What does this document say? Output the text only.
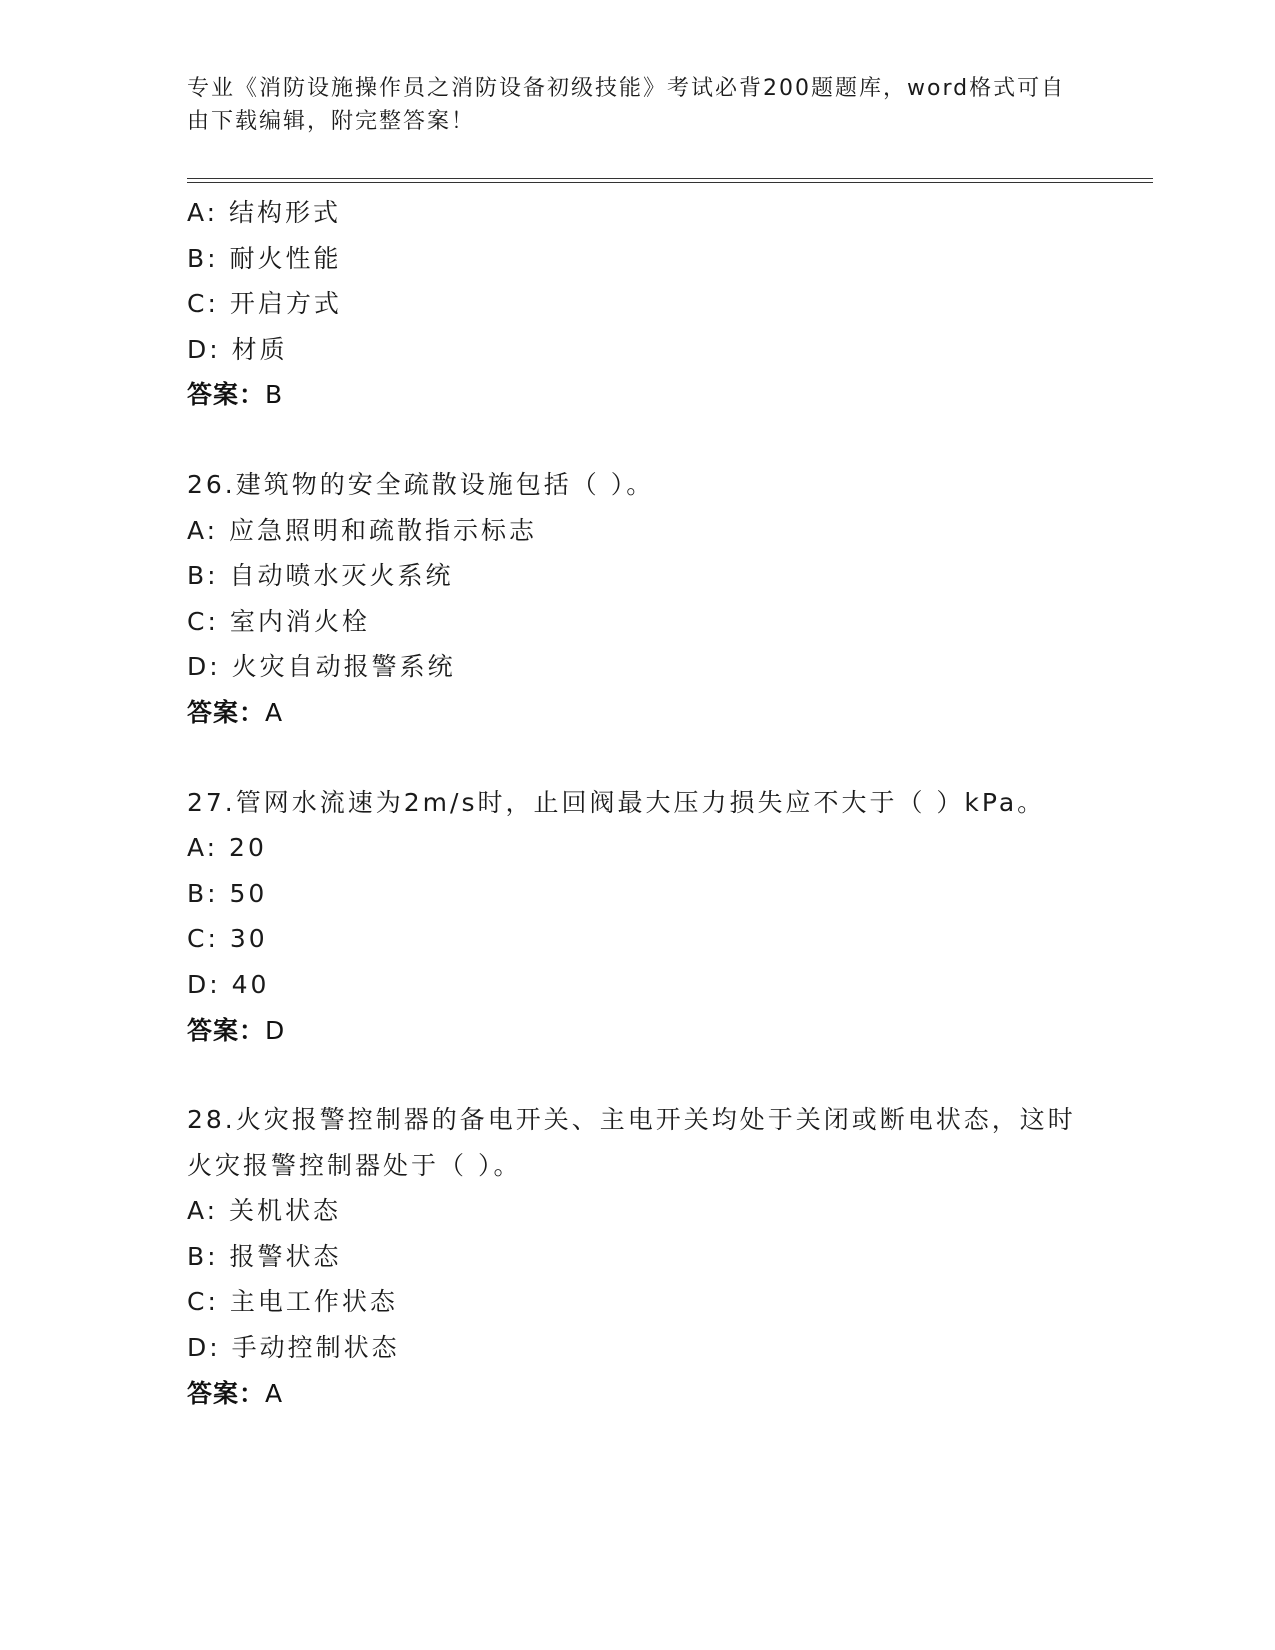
专业《消防设施操作员之消防设备初级技能》考试必背200题题库，word格式可自由下载编辑，附完整答案！
A: 结构形式
B: 耐火性能
C: 开启方式
D: 材质
答案：B
26.建筑物的安全疏散设施包括（ ）。
A: 应急照明和疏散指示标志
B: 自动喷水灭火系统
C: 室内消火栓
D: 火灾自动报警系统
答案：A
27.管网水流速为2m/s时，止回阀最大压力损失应不大于（ ）kPa。
A: 20
B: 50
C: 30
D: 40
答案：D
28.火灾报警控制器的备电开关、主电开关均处于关闭或断电状态，这时火灾报警控制器处于（ ）。
A: 关机状态
B: 报警状态
C: 主电工作状态
D: 手动控制状态
答案：A
